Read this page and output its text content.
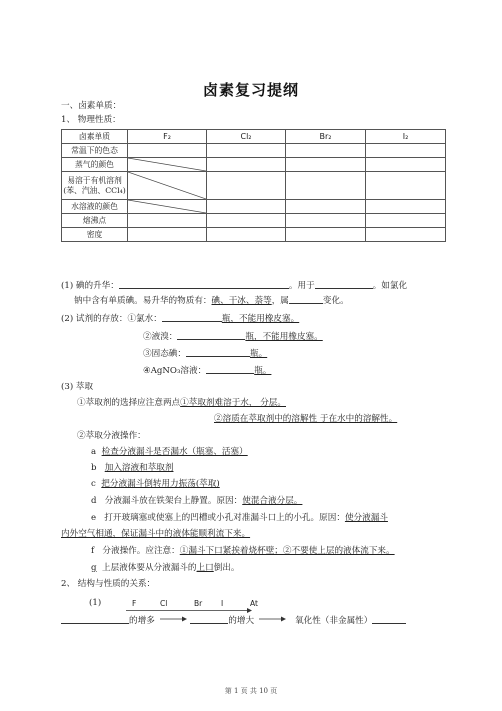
卤素复习提纲
一、卤素单质：
1、 物理性质：
卤素单质	F₂	Cl₂	Br₂	I₂
常温下的色态				
蒸气的颜色	

易溶于有机溶剂
(苯、汽油、CCl₄)

水溶液的颜色	

熔沸点				
密度				
(1) 碘的升华：	。用于	。如氯化
钠中含有单质碘。易升华的物质有：碘、干冰、萘等，属	变化。
(2) 试剂的存放：①氯水：	瓶，不能用橡皮塞。
②液溴：	瓶，不能用橡皮塞。
③固态碘：	瓶。
④AgNO₃溶液：	瓶。
(3) 萃取
①萃取剂的选择应注意两点①萃取剂难溶于水， 分层。
②溶质在萃取剂中的溶解性 于在水中的溶解性。
②萃取分液操作：
a 检查分液漏斗是否漏水（瓶塞、活塞）
b 加入溶液和萃取剂
c 把分液漏斗倒转用力振荡(萃取)
d 分液漏斗放在铁架台上静置。原因：使混合液分层。
e 打开玻璃塞或使塞上的凹槽或小孔对准漏斗口上的小孔。原因：使分液漏斗
内外空气相通，保证漏斗中的液体能顺利流下来。
f 分液操作。应注意：①漏斗下口紧挨着烧杯壁；②不要使上层的液体流下来。
g 上层液体要从分液漏斗的上口倒出。
2、 结构与性质的关系：
(1)	F	Cl	Br	I	At
的增多	的增大	氧化性（非金属性）
第 1 页 共 10 页
